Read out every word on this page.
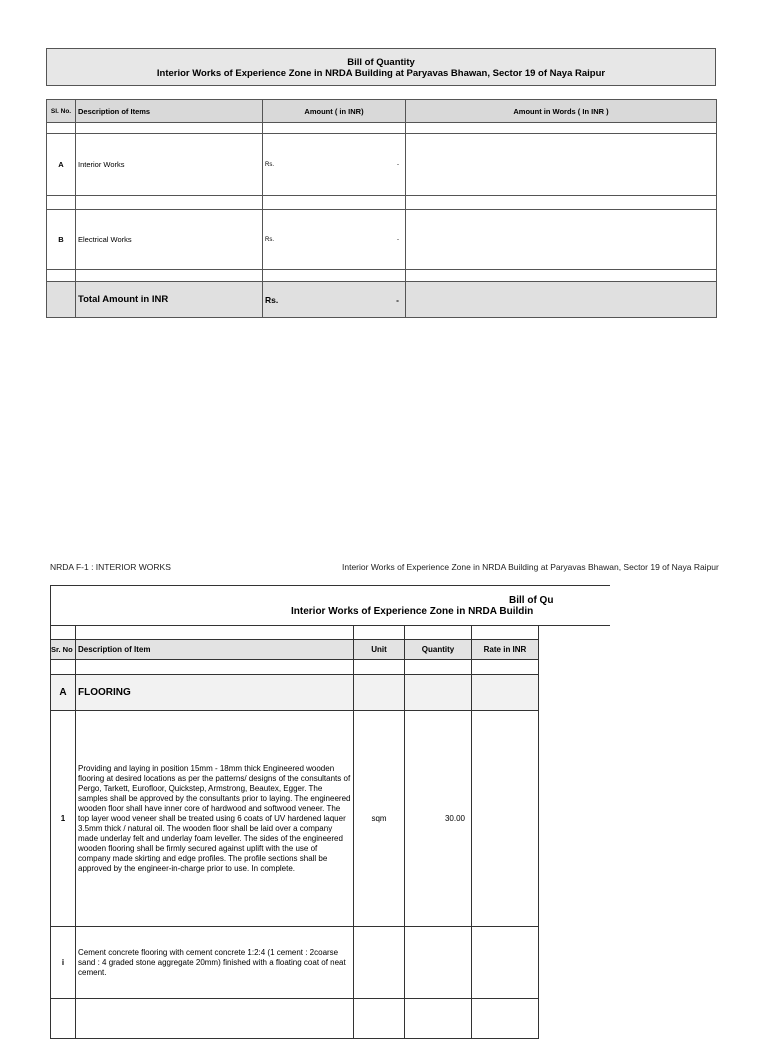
Bill of Quantity
Interior Works of Experience Zone in NRDA Building at Paryavas Bhawan, Sector 19 of Naya Raipur
Sl. No.	Description of Items	Amount ( in INR)	Amount in Words ( In INR )

A	Interior Works	Rs. -	

B	Electrical Works	Rs. -	

	Total Amount in INR	Rs. -	

NRDA F-1 : INTERIOR WORKS	Interior Works of Experience Zone in NRDA Building at Paryavas Bhawan, Sector 19 of Naya Raipur
Bill of Qu
Interior Works of Experience Zone in NRDA Buildin

Sr. No	Description of Item	Unit	Quantity	Rate in INR

A	FLOORING			
1	Providing and laying in position 15mm - 18mm thick Engineered wooden flooring at desired locations as per the patterns/ designs of the consultants of Pergo, Tarkett, Eurofloor, Quickstep, Armstrong, Beautex, Egger. The samples shall be approved by the consultants prior to laying. The engineered wooden floor shall have inner core of hardwood and softwood veneer. The top layer wood veneer shall be treated using 6 coats of UV hardened laquer 3.5mm thick / natural oil. The wooden floor shall be laid over a company made underlay felt and underlay foam leveller. The sides of the engineered wooden flooring shall be firmly secured against uplift with the use of company made skirting and edge profiles. The profile sections shall be approved by the engineer-in-charge prior to use. In complete.	sqm	30.00	
i	Cement concrete flooring with cement concrete 1:2:4 (1 cement : 2coarse sand : 4 graded stone aggregate 20mm) finished with a floating coat of neat cement.			
